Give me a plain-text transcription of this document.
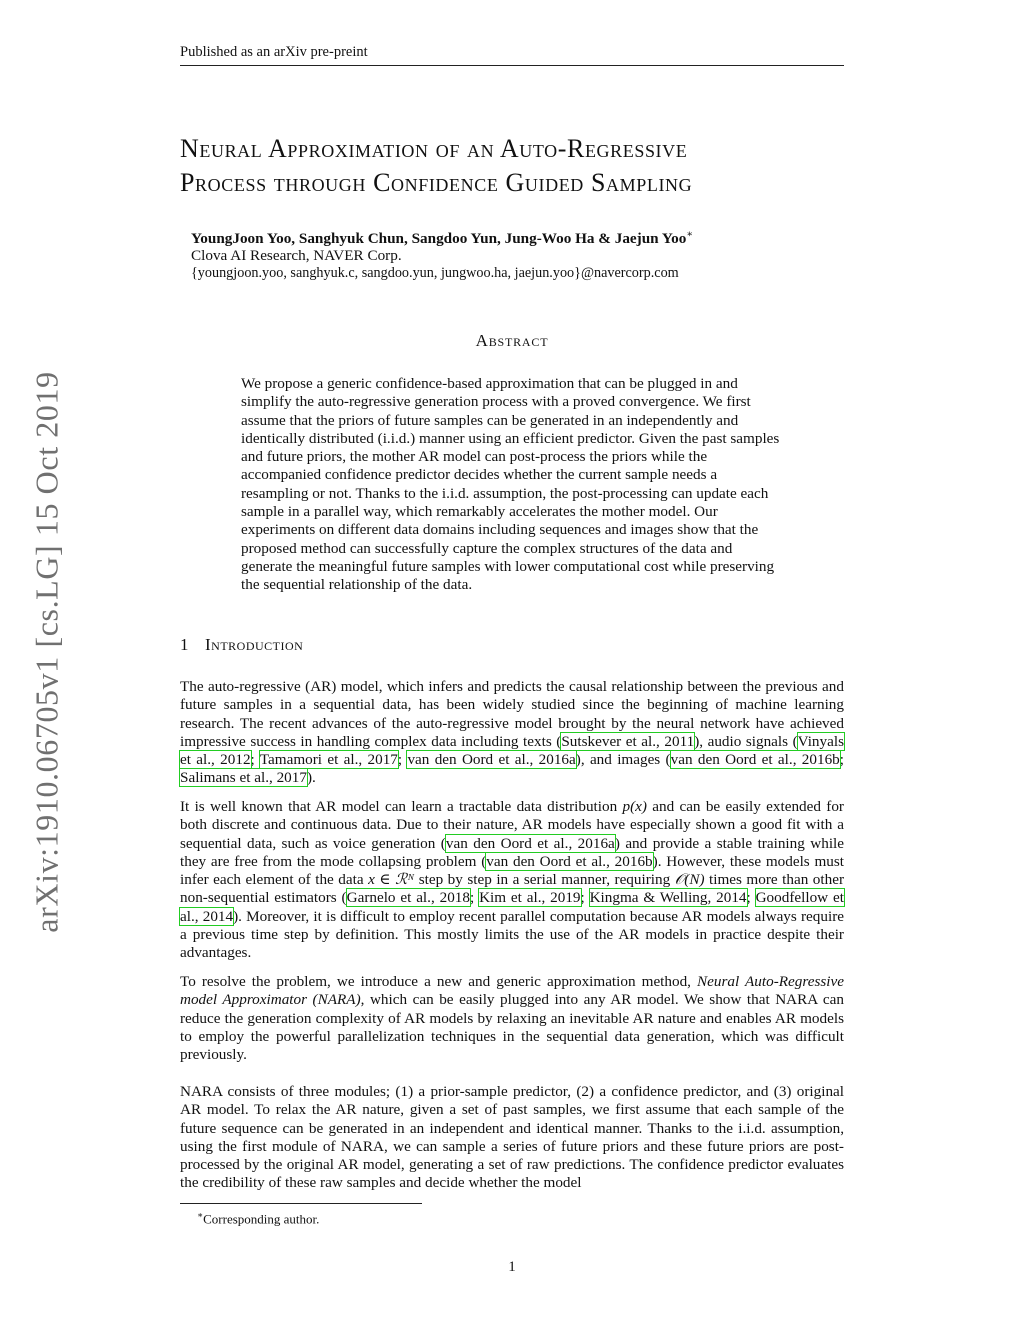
Published as an arXiv pre-preint
Neural Approximation of an Auto-Regressive
Process through Confidence Guided Sampling
YoungJoon Yoo, Sanghyuk Chun, Sangdoo Yun, Jung-Woo Ha & Jaejun Yoo∗
Clova AI Research, NAVER Corp.
{youngjoon.yoo, sanghyuk.c, sangdoo.yun, jungwoo.ha, jaejun.yoo}@navercorp.com
Abstract
We propose a generic confidence-based approximation that can be plugged in and simplify the auto-regressive generation process with a proved convergence. We first assume that the priors of future samples can be generated in an independently and identically distributed (i.i.d.) manner using an efficient predictor. Given the past samples and future priors, the mother AR model can post-process the priors while the accompanied confidence predictor decides whether the current sample needs a resampling or not. Thanks to the i.i.d. assumption, the post-processing can update each sample in a parallel way, which remarkably accelerates the mother model. Our experiments on different data domains including sequences and images show that the proposed method can successfully capture the complex structures of the data and generate the meaningful future samples with lower computational cost while preserving the sequential relationship of the data.
1 Introduction
The auto-regressive (AR) model, which infers and predicts the causal relationship between the previous and future samples in a sequential data, has been widely studied since the beginning of machine learning research. The recent advances of the auto-regressive model brought by the neural network have achieved impressive success in handling complex data including texts (Sutskever et al., 2011), audio signals (Vinyals et al., 2012; Tamamori et al., 2017; van den Oord et al., 2016a), and images (van den Oord et al., 2016b; Salimans et al., 2017).
It is well known that AR model can learn a tractable data distribution p(x) and can be easily extended for both discrete and continuous data. Due to their nature, AR models have especially shown a good fit with a sequential data, such as voice generation (van den Oord et al., 2016a) and provide a stable training while they are free from the mode collapsing problem (van den Oord et al., 2016b). However, these models must infer each element of the data x ∈ ℛᴺ step by step in a serial manner, requiring 𝒪(N) times more than other non-sequential estimators (Garnelo et al., 2018; Kim et al., 2019; Kingma & Welling, 2014; Goodfellow et al., 2014). Moreover, it is difficult to employ recent parallel computation because AR models always require a previous time step by definition. This mostly limits the use of the AR models in practice despite their advantages.
To resolve the problem, we introduce a new and generic approximation method, Neural Auto-Regressive model Approximator (NARA), which can be easily plugged into any AR model. We show that NARA can reduce the generation complexity of AR models by relaxing an inevitable AR nature and enables AR models to employ the powerful parallelization techniques in the sequential data generation, which was difficult previously.
NARA consists of three modules; (1) a prior-sample predictor, (2) a confidence predictor, and (3) original AR model. To relax the AR nature, given a set of past samples, we first assume that each sample of the future sequence can be generated in an independent and identical manner. Thanks to the i.i.d. assumption, using the first module of NARA, we can sample a series of future priors and these future priors are post-processed by the original AR model, generating a set of raw predictions. The confidence predictor evaluates the credibility of these raw samples and decide whether the model
∗Corresponding author.
1
arXiv:1910.06705v1 [cs.LG] 15 Oct 2019
